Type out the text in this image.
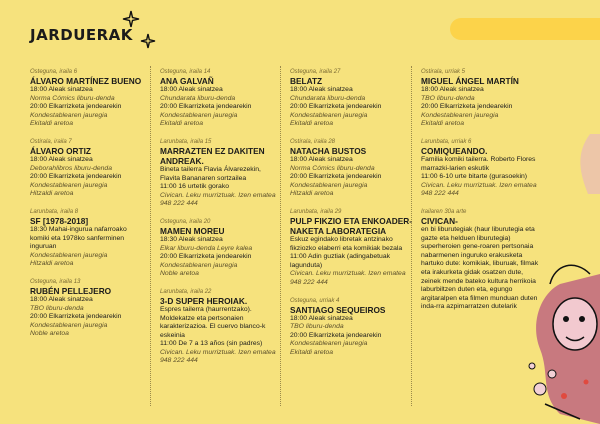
JARDUERAK
Osteguna, iraila 6
ÁLVARO MARTÍNEZ BUENO
18:00 Aleak sinatzea
Norma Cómics liburu-denda
20:00 Elkarrizketa jendearekin
Kondestablearen jauregia
Ekitaldi aretoa
Ostirala, iraila 7
ÁLVARO ORTIZ
18:00 Aleak sinatzea
Deborahlibros liburu-denda
20:00 Elkarrizketa jendearekin
Kondestablearen jauregia
Hitzaldi aretoa
Larunbata, iraila 8
SF [1978-2018]
18:30 Mahai-ingurua nafarroako
komiki eta 1978ko sanferminen
inguruan
Kondestablearen jauregia
Hitzaldi aretoa
Osteguna, iraila 13
RUBÉN PELLEJERO
18:00 Aleak sinatzea
TBO liburu-denda
20:00 Elkarrizketa jendearekin
Kondestablearen jauregia
Noble aretoa
Osteguna, iraila 14
ANA GALVAÑ
18:00 Aleak sinatzea
Chundarata liburu-denda
20:00 Elkarrizketa jendearekin
Kondestablearen jauregia
Ekitaldi aretoa
Larunbata, iraila 15
MARRAZTEN EZ DAKITEN ANDREAK.
Bineta tailerra Flavia Álvarezekin, Flavita Bananaren sortzailea
11:00 16 urtetik gorako
Civican. Leku murriztuak. Izen ematea 948 222 444
Osteguna, iraila 20
MAMEN MOREU
18:30 Aleak sinatzea
Elkar liburu-denda Leyre kalea
20:00 Elkarrizketa jendearekin
Kondestablearen jauregia
Noble aretoa
Larunbata, iraila 22
3-D SUPER HEROIAK.
Espres tailerra (haurrentzako). Moldekatze eta pertsonaien karakterizazioa. El cuervo blanco-k eskeinia
11:00 De 7 a 13 años (sin padres)
Civican. Leku murriztuak. Izen ematea 948 222 444
Osteguna, iraila 27
BELATZ
18:00 Aleak sinatzea
Chundarata liburu-denda
20:00 Elkarrizketa jendearekin
Kondestablearen jauregia
Ekitaldi aretoa
Ostirala, iraila 28
NATACHA BUSTOS
18:00 Aleak sinatzea
Norma Cómics liburu-denda
20:00 Elkarrizketa jendearekin
Kondestablearen jauregia
Hitzaldi aretoa
Larunbata, iraila 29
PULP FIKZIO ETA ENKOADER-NAKETA LABORATEGIA
Eskuz egindako libretak antzinako fikziozko elaberri eta komikiak bezala
11:00 Adin guztiak (adingabetuak lagunduta)
Civican. Leku murriztuak. Izen ematea 948 222 444
Osteguna, urriak 4
SANTIAGO SEQUEIROS
18:00 Aleak sinatzea
TBO liburu-denda
20:00 Elkarrizketa jendearekin
Kondestablearen jauregia
Ekitaldi aretoa
Ostirala, urriak 5
MIGUEL ÁNGEL MARTÍN
18:00 Aleak sinatzea
TBO liburu-denda
20:00 Elkarrizketa jendearekin
Kondestablearen jauregia
Ekitaldi aretoa
Larunbata, urriak 6
COMIQUEANDO.
Familia komiki tailerra. Roberto Flores marrazki-larien eskutik
11:00 6-10 urte bitarte (gurasoekin)
Civican. Leku murriztuak. Izen ematea 948 222 444
Irailaren 30a arte
CIVICAN-
en bi liburutegiak (haur liburutegia eta gazte eta helduen liburutegia) superheroien gene-roaren pertsonaia nabarmenen inguruko erakusketa hartuko dute: komikiak, liburuak, filmak eta irakurketa gidak osatzen dute, zeinek mende bateko kultura herrikoia laburbiltzen duten eta, egungo argitaralpen eta filmen munduan duten inda-rra azpimarratzen dutelarik
